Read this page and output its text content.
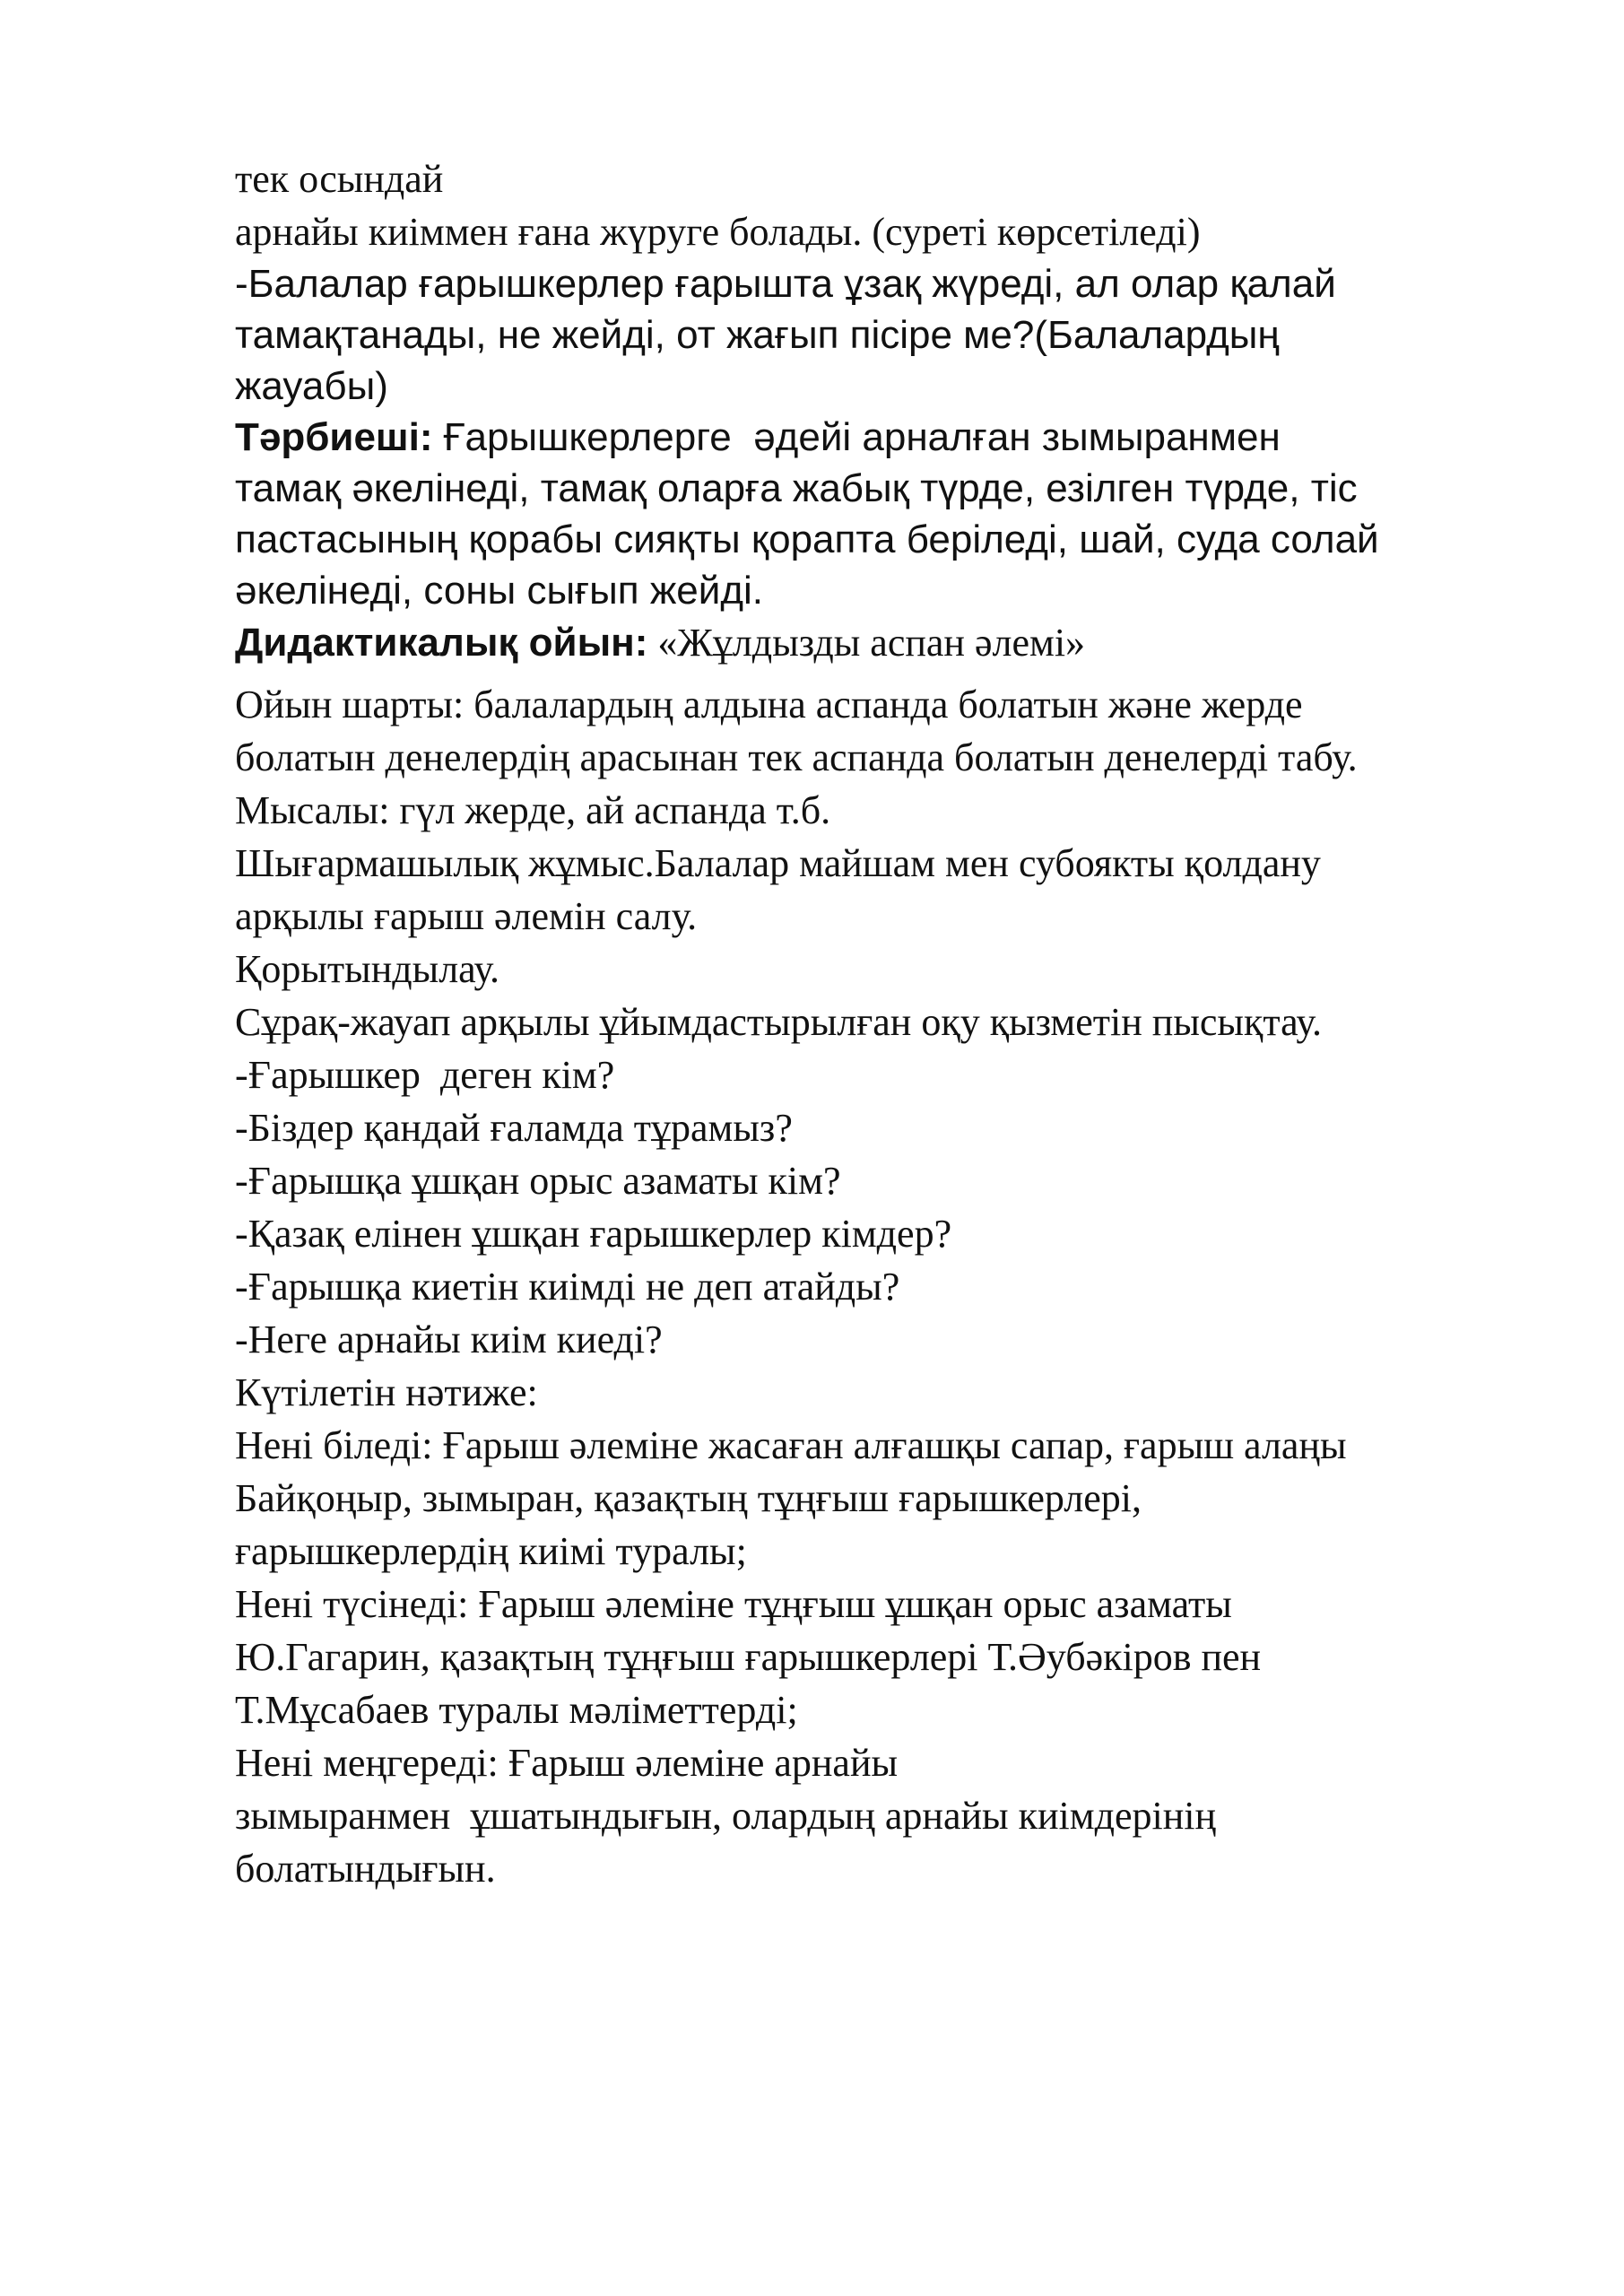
тек осындай

арнайы киіммен ғана жүруге болады. (суреті көрсетіледі)

-Балалар ғарышкерлер ғарышта ұзақ жүреді, ал олар қалай

тамақтанады, не жейді, от жағып пісіре ме?(Балалардың

жауабы)

Тәрбиеші: Ғарышкерлерге  әдейі арналған зымыранмен

тамақ әкелінеді, тамақ оларға жабық түрде, езілген түрде, тіс

пастасының қорабы сияқты қорапта беріледі, шай, суда солай

әкелінеді, соны сығып жейді.

Дидактикалық ойын: «Жұлдызды аспан әлемі»

Ойын шарты: балалардың алдына аспанда болатын және жерде

болатын денелердің арасынан тек аспанда болатын денелерді табу.

Мысалы: гүл жерде, ай аспанда т.б.

Шығармашылық жұмыс.Балалар майшам мен субоякты қолдану

арқылы ғарыш әлемін салу.

Қорытындылау.

Сұрақ-жауап арқылы ұйымдастырылған оқу қызметін пысықтау.

-Ғарышкер  деген кім?

-Біздер қандай ғаламда тұрамыз?

-Ғарышқа ұшқан орыс азаматы кім?

-Қазақ елінен ұшқан ғарышкерлер кімдер?

-Ғарышқа киетін киімді не деп атайды?

-Неге арнайы киім киеді?

Күтілетін нәтиже:

Нені біледі: Ғарыш әлеміне жасаған алғашқы сапар, ғарыш алаңы

Байқоңыр, зымыран, қазақтың тұңғыш ғарышкерлері,

ғарышкерлердің киімі туралы;

Нені түсінеді: Ғарыш әлеміне тұңғыш ұшқан орыс азаматы

Ю.Гагарин, қазақтың тұңғыш ғарышкерлері Т.Әубәкіров пен

Т.Мұсабаев туралы мәліметтерді;

Нені меңгереді: Ғарыш әлеміне арнайы

зымыранмен  ұшатындығын, олардың арнайы киімдерінің

болатындығын.
